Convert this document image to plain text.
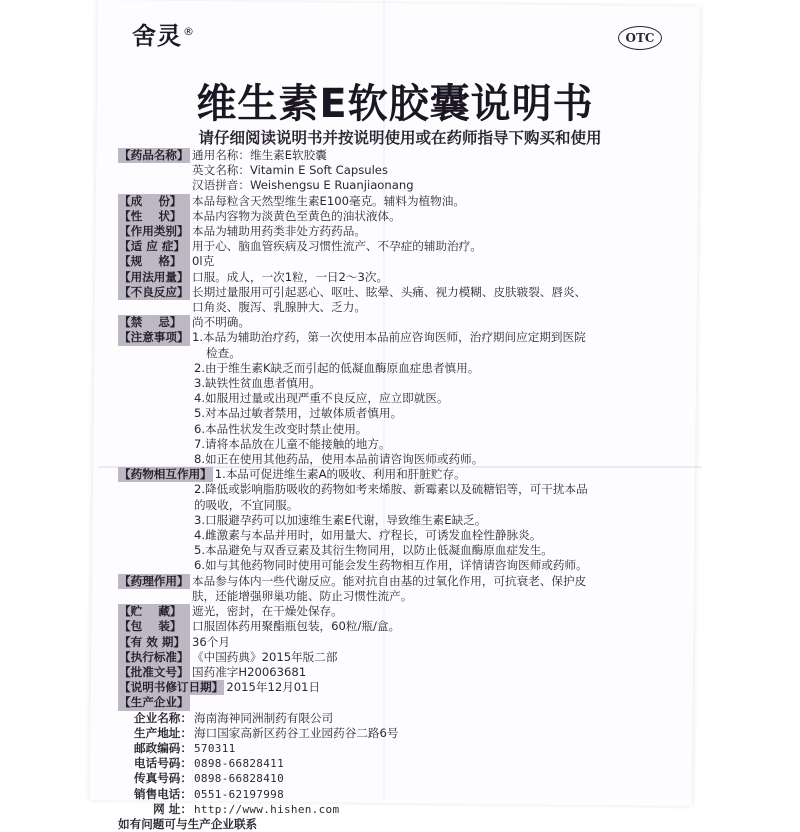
舍灵®	OTC
维生素E软胶囊说明书
请仔细阅读说明书并按说明使用或在药师指导下购买和使用
【药品名称】 通用名称：维生素E软胶囊
英文名称：Vitamin E Soft Capsules
汉语拼音：Weishengsu E Ruanjiaonang
【成    份】 本品每粒含天然型维生素E100毫克。辅料为植物油。
【性    状】 本品内容物为淡黄色至黄色的油状液体。
【作用类别】 本品为辅助用药类非处方药药品。
【适 应 症】 用于心、脑血管疾病及习惯性流产、不孕症的辅助治疗。
【规    格】 0l克
【用法用量】 口服。成人，一次1粒，一日2～3次。
【不良反应】 长期过量服用可引起恶心、呕吐、眩晕、头痛、视力模糊、皮肤皲裂、唇炎、
口角炎、腹泻、乳腺肿大、乏力。
【禁    忌】 尚不明确。
【注意事项】 1.本品为辅助治疗药，第一次使用本品前应咨询医师，治疗期间应定期到医院
检查。
2.由于维生素K缺乏而引起的低凝血酶原血症患者慎用。
3.缺铁性贫血患者慎用。
4.如服用过量或出现严重不良反应，应立即就医。
5.对本品过敏者禁用，过敏体质者慎用。
6.本品性状发生改变时禁止使用。
7.请将本品放在儿童不能接触的地方。
8.如正在使用其他药品，使用本品前请咨询医师或药师。
【药物相互作用】 1.本品可促进维生素A的吸收、利用和肝脏贮存。
2.降低或影响脂肪吸收的药物如考来烯胺、新霉素以及硫糖铝等，可干扰本品
的吸收，不宜同服。
3.口服避孕药可以加速维生素E代谢，导致维生素E缺乏。
4.雌激素与本品并用时，如用量大、疗程长，可诱发血栓性静脉炎。
5.本品避免与双香豆素及其衍生物同用，以防止低凝血酶原血症发生。
6.如与其他药物同时使用可能会发生药物相互作用，详情请咨询医师或药师。
【药理作用】 本品参与体内一些代谢反应。能对抗自由基的过氧化作用，可抗衰老、保护皮
肤，还能增强卵巢功能、防止习惯性流产。
【贮    藏】 遮光，密封，在干燥处保存。
【包    装】 口服固体药用聚酯瓶包装，60粒/瓶/盒。
【有 效 期】 36个月
【执行标准】 《中国药典》2015年版二部
【批准文号】 国药准字H20063681
【说明书修订日期】 2015年12月01日
【生产企业】
企业名称： 海南海神同洲制药有限公司
生产地址： 海口国家高新区药谷工业园药谷二路6号
邮政编码： 570311
电话号码： 0898-66828411
传真号码： 0898-66828410
销售电话： 0551-62197998
网 址： http://www.hishen.com
如有问题可与生产企业联系
